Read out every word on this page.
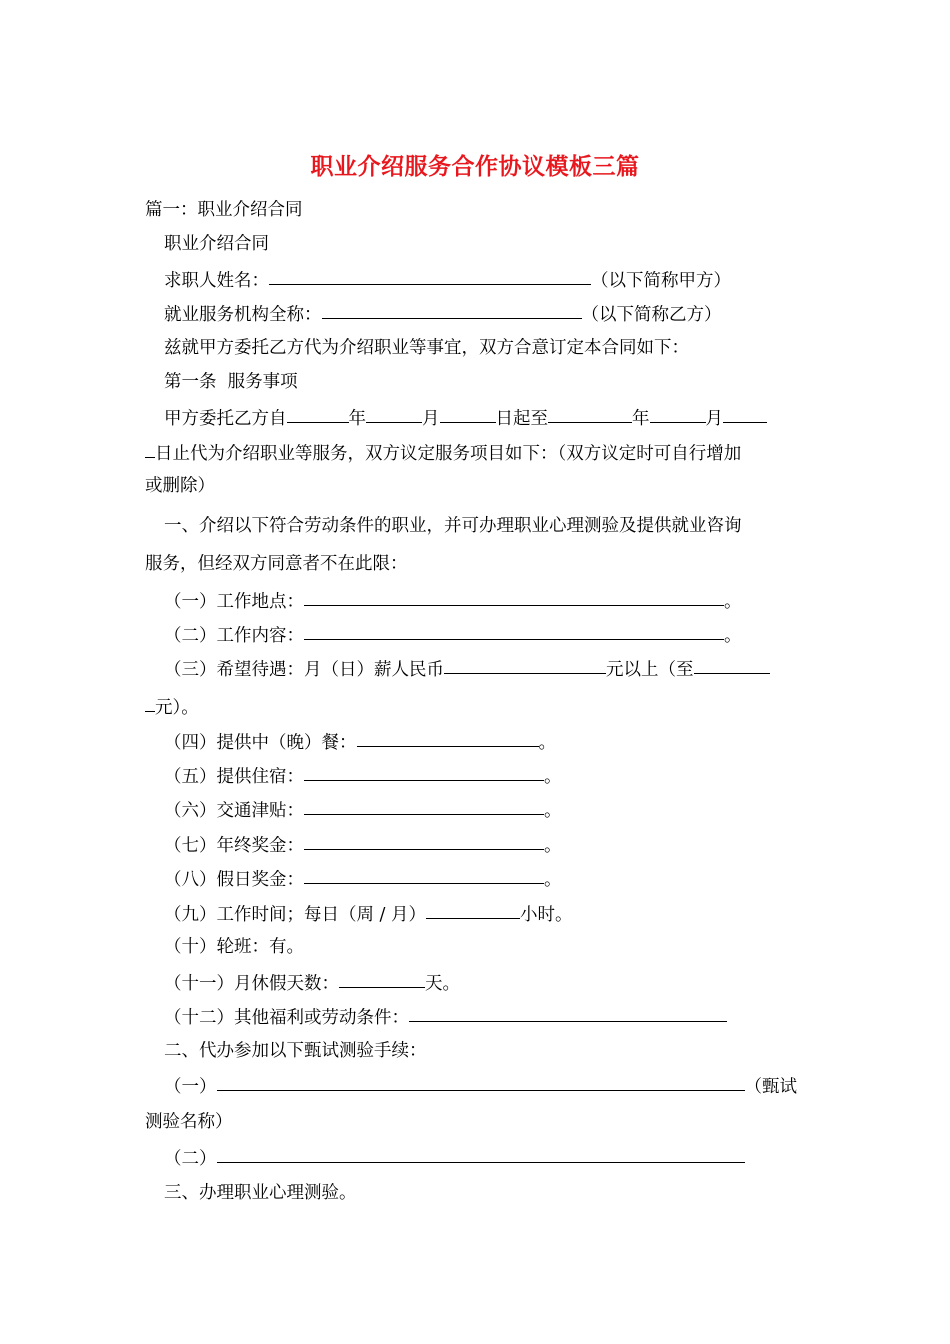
职业介绍服务合作协议模板三篇
篇一：职业介绍合同
职业介绍合同
求职人姓名：	（以下简称甲方）
就业服务机构全称：	（以下简称乙方）
兹就甲方委托乙方代为介绍职业等事宜，双方合意订定本合同如下：
第一条  服务事项
甲方委托乙方自	年	月	日起至	年	月
日止代为介绍职业等服务，双方议定服务项目如下：（双方议定时可自行增加
或删除）
一、介绍以下符合劳动条件的职业，并可办理职业心理测验及提供就业咨询
服务，但经双方同意者不在此限：
（一）工作地点：	。
（二）工作内容：	。
（三）希望待遇：月（日）薪人民币	元以上（至
元）。
（四）提供中（晚）餐：	。
（五）提供住宿：	。
（六）交通津贴：	。
（七）年终奖金：	。
（八）假日奖金：	。
（九）工作时间；每日（周 / 月）	小时。
（十）轮班：有。
（十一）月休假天数：	天。
（十二）其他福利或劳动条件：
二、代办参加以下甄试测验手续：
（一）	（甄试
测验名称）
（二）
三、办理职业心理测验。
